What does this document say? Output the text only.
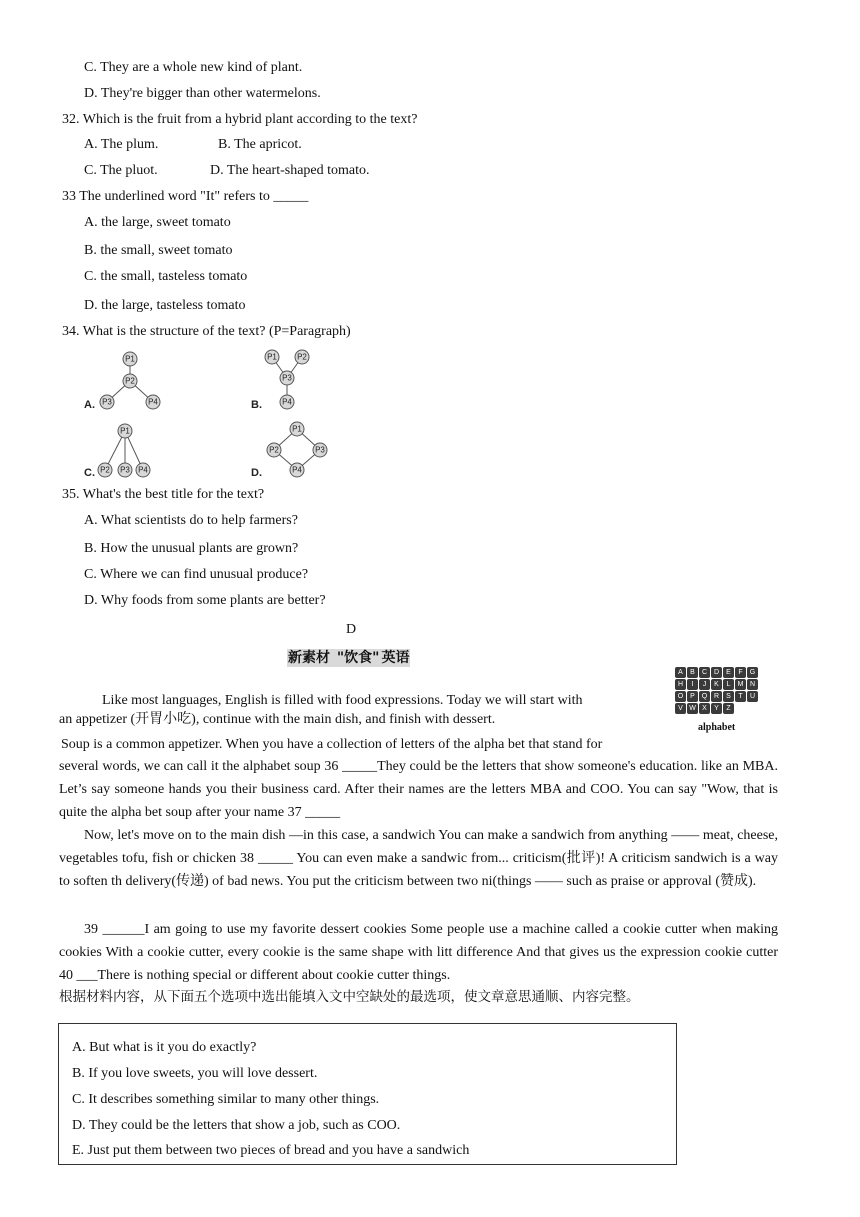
C. They are a whole new kind of plant.
D. They're bigger than other watermelons.
32. Which is the fruit from a hybrid plant according to the text?
A. The plum.	B. The apricot.
C. The pluot.	D. The heart-shaped tomato.
33 The underlined word "It" refers to _____
A. the large, sweet tomato
B. the small, sweet tomato
C. the small, tasteless tomato
D. the large, tasteless tomato
34. What is the structure of the text? (P=Paragraph)
A.
P1
P2
P3	P4	B.
P1	P2
P3
P4
C.
P1
P2 P3 P4	D.
P1
P2	P3
P4
35. What's the best title for the text?
A. What scientists do to help farmers?
B. How the unusual plants are grown?
C. Where we can find unusual produce?
D. Why foods from some plants are better?
D
新素材 "饮食" 英语
A	B	C D	E	F	G
H	I	J	K	L	M N
O P Q R	S	T	U
V W X	Y	Z
alphabet
Like most languages, English is filled with food expressions. Today we will start with
an appetizer (开胃小吃), continue with the main dish, and finish with dessert.
Soup is a common appetizer. When you have a collection of letters of the alpha bet that stand for
several words, we can call it the alphabet soup 36 _____They could be the letters that show someone's education. like an MBA. Let’s say someone hands you their business card. After their names are the letters MBA and COO. You can say "Wow, that is quite the alpha bet soup after your name 37 _____
Now, let's move on to the main dish —in this case, a sandwich You can make a sandwich from anything —— meat, cheese, vegetables tofu, fish or chicken 38 _____ You can even make a sandwic from... criticism(批评)! A criticism sandwich is a way to soften th delivery(传递) of bad news. You put the criticism between two ni(things —— such as praise or approval (赞成).
39 ______I am going to use my favorite dessert cookies Some people use a machine called a cookie cutter when making cookies With a cookie cutter, every cookie is the same shape with litt difference And that gives us the expression cookie cutter 40 ___There is nothing special or different about cookie cutter things.
根据材料内容，从下面五个选项中选出能填入文中空缺处的最选项，使文章意思通顺、内容完整。
A. But what is it you do exactly?
B. If you love sweets, you will love dessert.
C. It describes something similar to many other things.
D. They could be the letters that show a job, such as COO.
E. Just put them between two pieces of bread and you have a sandwich
